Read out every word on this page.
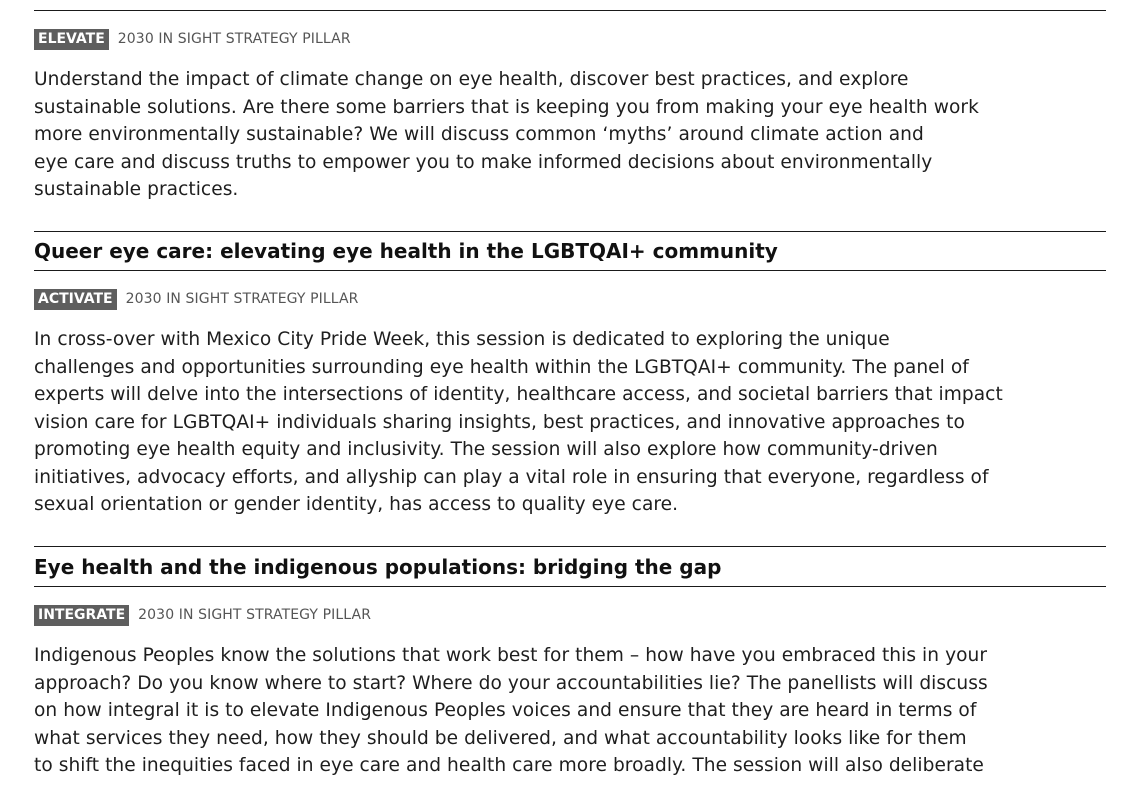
ELEVATE 2030 IN SIGHT STRATEGY PILLAR
Understand the impact of climate change on eye health, discover best practices, and explore
sustainable solutions. Are there some barriers that is keeping you from making your eye health work
more environmentally sustainable? We will discuss common ‘myths’ around climate action and
eye care and discuss truths to empower you to make informed decisions about environmentally
sustainable practices.
Queer eye care: elevating eye health in the LGBTQAI+ community
ACTIVATE 2030 IN SIGHT STRATEGY PILLAR
In cross-over with Mexico City Pride Week, this session is dedicated to exploring the unique
challenges and opportunities surrounding eye health within the LGBTQAI+ community. The panel of
experts will delve into the intersections of identity, healthcare access, and societal barriers that impact
vision care for LGBTQAI+ individuals sharing insights, best practices, and innovative approaches to
promoting eye health equity and inclusivity. The session will also explore how community-driven
initiatives, advocacy efforts, and allyship can play a vital role in ensuring that everyone, regardless of
sexual orientation or gender identity, has access to quality eye care.
Eye health and the indigenous populations: bridging the gap
INTEGRATE 2030 IN SIGHT STRATEGY PILLAR
Indigenous Peoples know the solutions that work best for them – how have you embraced this in your
approach? Do you know where to start? Where do your accountabilities lie? The panellists will discuss
on how integral it is to elevate Indigenous Peoples voices and ensure that they are heard in terms of
what services they need, how they should be delivered, and what accountability looks like for them
to shift the inequities faced in eye care and health care more broadly. The session will also deliberate
